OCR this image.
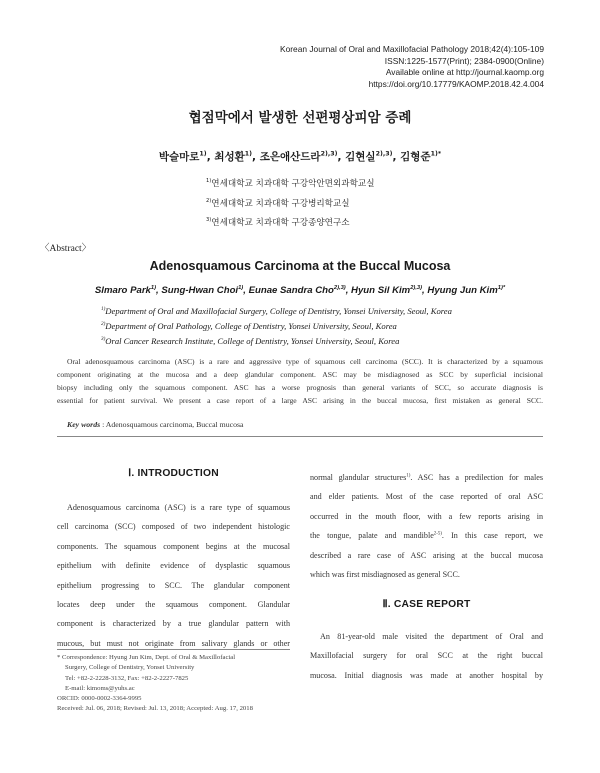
Korean Journal of Oral and Maxillofacial Pathology 2018;42(4):105-109
ISSN:1225-1577(Print); 2384-0900(Online)
Available online at http://journal.kaomp.org
https://doi.org/10.17779/KAOMP.2018.42.4.004
협점막에서 발생한 선편평상피암 증례
박슬마로$^{1)}$, 최성환$^{1)}$, 조은애산드라$^{2),3)}$, 김현실$^{2),3)}$, 김형준$^{1)*}$
$^{1)}$연세대학교 치과대학 구강악안면외과학교실
$^{2)}$연세대학교 치과대학 구강병리학교실
$^{3)}$연세대학교 치과대학 구강종양연구소
〈Abstract〉
Adenosquamous Carcinoma at the Buccal Mucosa
Slmaro Park$^{1)}$, Sung-Hwan Choi$^{1)}$, Eunae Sandra Cho$^{2),3)}$, Hyun Sil Kim$^{2),3)}$, Hyung Jun Kim$^{1)*}$
$^{1)}$Department of Oral and Maxillofacial Surgery, College of Dentistry, Yonsei University, Seoul, Korea
$^{2)}$Department of Oral Pathology, College of Dentistry, Yonsei University, Seoul, Korea
$^{3)}$Oral Cancer Research Institute, College of Dentistry, Yonsei University, Seoul, Korea
Oral adenosquamous carcinoma (ASC) is a rare and aggressive type of squamous cell carcinoma (SCC). It is characterized by a squamous
component originating at the mucosa and a deep glandular component. ASC may be misdiagnosed as SCC by superficial incisional
biopsy including only the squamous component. ASC has a worse prognosis than general variants of SCC, so accurate diagnosis is
essential for patient survival. We present a case report of a large ASC arising in the buccal mucosa, first mistaken as general SCC.
Key words : Adenosquamous carcinoma, Buccal mucosa
Ⅰ. INTRODUCTION
Adenosquamous carcinoma (ASC) is a rare type of squamous
cell carcinoma (SCC) composed of two independent histologic
components. The squamous component begins at the mucosal
epithelium with definite evidence of dysplastic squamous
epithelium progressing to SCC. The glandular component
locates deep under the squamous component. Glandular
component is characterized by a true glandular pattern with
mucous, but must not originate from salivary glands or other
normal glandular structures$^{1)}$. ASC has a predilection for males
and elder patients. Most of the case reported of oral ASC
occurred in the mouth floor, with a few reports arising in
the tongue, palate and mandible$^{2-5)}$. In this case report, we
described a rare case of ASC arising at the buccal mucosa
which was first misdiagnosed as general SCC.
Ⅱ. CASE REPORT
An 81-year-old male visited the department of Oral and
Maxillofacial surgery for oral SCC at the right buccal
mucosa. Initial diagnosis was made at another hospital by
* Correspondence: Hyung Jun Kim, Dept. of Oral & Maxillofacial
Surgery, College of Dentistry, Yonsei University
Tel: +82-2-2228-3132, Fax: +82-2-2227-7825
E-mail: kimoms@yuhs.ac
ORCID: 0000-0002-3364-9995
Received: Jul. 06, 2018; Revised: Jul. 13, 2018; Accepted: Aug. 17, 2018
